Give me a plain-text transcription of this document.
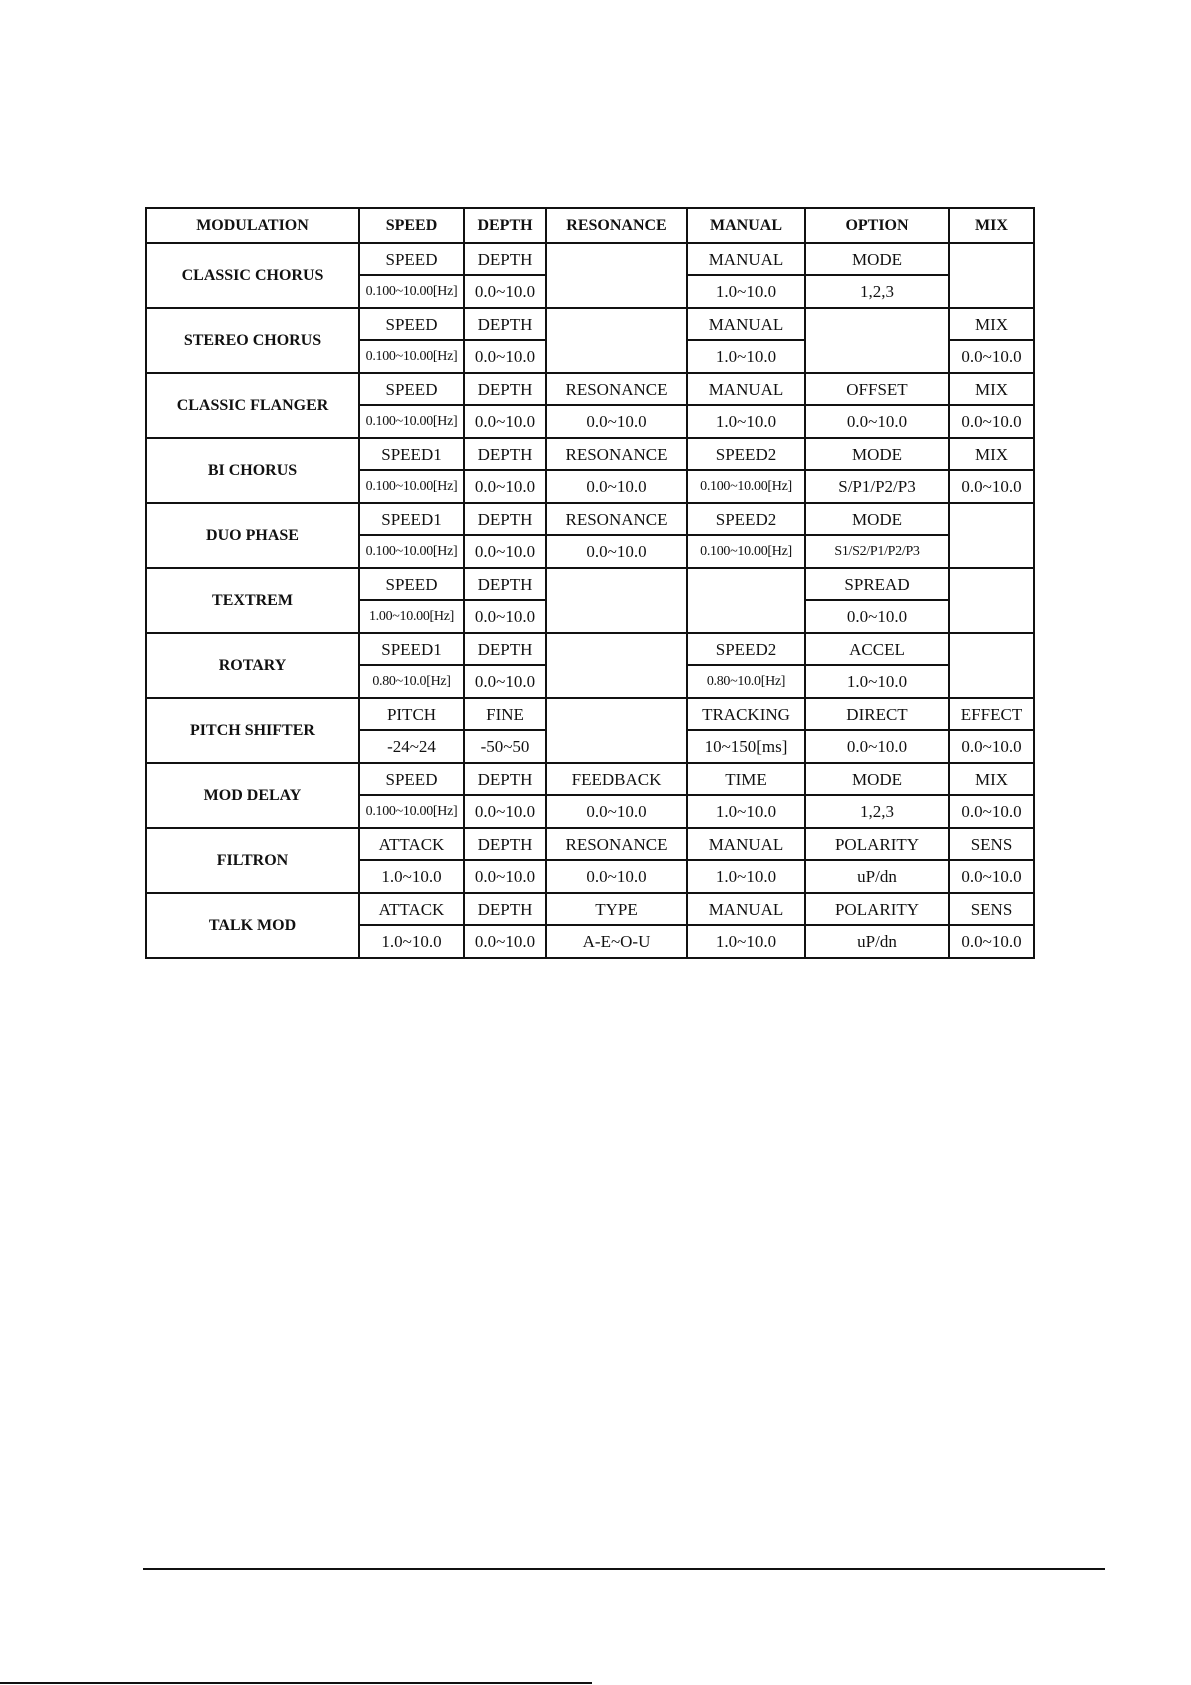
MODULATION	SPEED	DEPTH	RESONANCE	MANUAL	OPTION	MIX
CLASSIC CHORUS	SPEED	DEPTH		MANUAL	MODE	
	0.100~10.00[Hz]	0.0~10.0		1.0~10.0	1,2,3	
STEREO CHORUS	SPEED	DEPTH		MANUAL		MIX
	0.100~10.00[Hz]	0.0~10.0		1.0~10.0		0.0~10.0
CLASSIC FLANGER	SPEED	DEPTH	RESONANCE	MANUAL	OFFSET	MIX
	0.100~10.00[Hz]	0.0~10.0	0.0~10.0	1.0~10.0	0.0~10.0	0.0~10.0
BI CHORUS	SPEED1	DEPTH	RESONANCE	SPEED2	MODE	MIX
	0.100~10.00[Hz]	0.0~10.0	0.0~10.0	0.100~10.00[Hz]	S/P1/P2/P3	0.0~10.0
DUO PHASE	SPEED1	DEPTH	RESONANCE	SPEED2	MODE	
	0.100~10.00[Hz]	0.0~10.0	0.0~10.0	0.100~10.00[Hz]	S1/S2/P1/P2/P3	
TEXTREM	SPEED	DEPTH			SPREAD	
	1.00~10.00[Hz]	0.0~10.0			0.0~10.0	
ROTARY	SPEED1	DEPTH		SPEED2	ACCEL	
	0.80~10.0[Hz]	0.0~10.0		0.80~10.0[Hz]	1.0~10.0	
PITCH SHIFTER	PITCH	FINE		TRACKING	DIRECT	EFFECT
	-24~24	-50~50		10~150[ms]	0.0~10.0	0.0~10.0
MOD DELAY	SPEED	DEPTH	FEEDBACK	TIME	MODE	MIX
	0.100~10.00[Hz]	0.0~10.0	0.0~10.0	1.0~10.0	1,2,3	0.0~10.0
FILTRON	ATTACK	DEPTH	RESONANCE	MANUAL	POLARITY	SENS
	1.0~10.0	0.0~10.0	0.0~10.0	1.0~10.0	uP/dn	0.0~10.0
TALK MOD	ATTACK	DEPTH	TYPE	MANUAL	POLARITY	SENS
	1.0~10.0	0.0~10.0	A-E~O-U	1.0~10.0	uP/dn	0.0~10.0
